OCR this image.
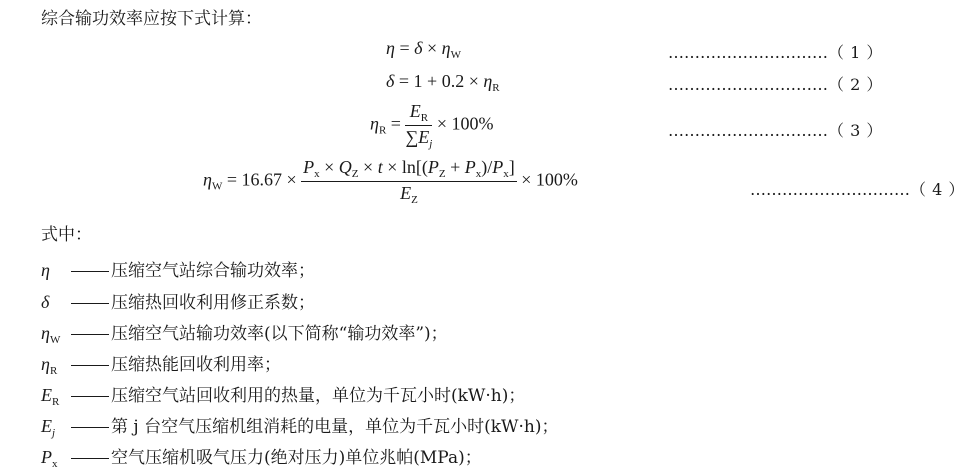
综合输功效率应按下式计算：
$\eta = \delta \times \eta_W$	…………………………（ 1 ）
$\delta = 1 + 0.2 \times \eta_R$	…………………………（ 2 ）
$\eta_R = \frac{E_R}{\sum E_j} \times 100\%$	…………………………（ 3 ）
$\eta_W = 16.67$ ×
$P_x \times Q_Z \times t \times \ln[(P_Z + P_x)/P_x]$
$E_Z$
× 100%	…………………………（ 4 ）
式中：
η	压缩空气站综合输功效率；
δ	压缩热回收利用修正系数；
$\eta_W$	压缩空气站输功效率(以下简称“输功效率”)；
$\eta_R$	压缩热能回收利用率；
$E_R$	压缩空气站回收利用的热量，单位为千瓦小时(kW·h)；
$E_j$	第 j 台空气压缩机组消耗的电量，单位为千瓦小时(kW·h)；
$P_x$	空气压缩机吸气压力(绝对压力)单位兆帕(MPa)；
